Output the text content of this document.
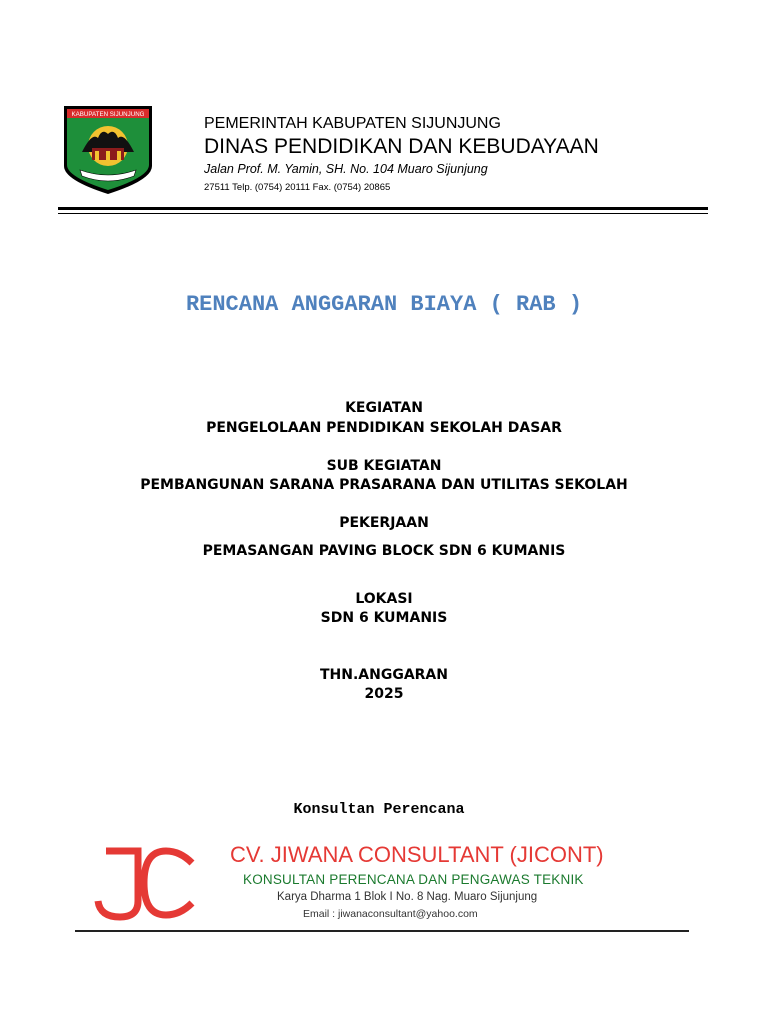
KABUPATEN SIJUNJUNG
PEMERINTAH KABUPATEN SIJUNJUNG
DINAS PENDIDIKAN DAN KEBUDAYAAN
Jalan Prof. M. Yamin, SH. No. 104 Muaro Sijunjung
27511 Telp. (0754) 20111 Fax. (0754) 20865
RENCANA ANGGARAN BIAYA ( RAB )
KEGIATAN
PENGELOLAAN PENDIDIKAN SEKOLAH DASAR
SUB KEGIATAN
PEMBANGUNAN SARANA PRASARANA DAN UTILITAS SEKOLAH
PEKERJAAN
PEMASANGAN PAVING BLOCK SDN 6 KUMANIS
LOKASI
SDN 6 KUMANIS
THN.ANGGARAN
2025
Konsultan Perencana
CV. JIWANA CONSULTANT (JICONT)
KONSULTAN PERENCANA DAN PENGAWAS TEKNIK
Karya Dharma 1 Blok I No. 8 Nag. Muaro Sijunjung
Email : jiwanaconsultant@yahoo.com
